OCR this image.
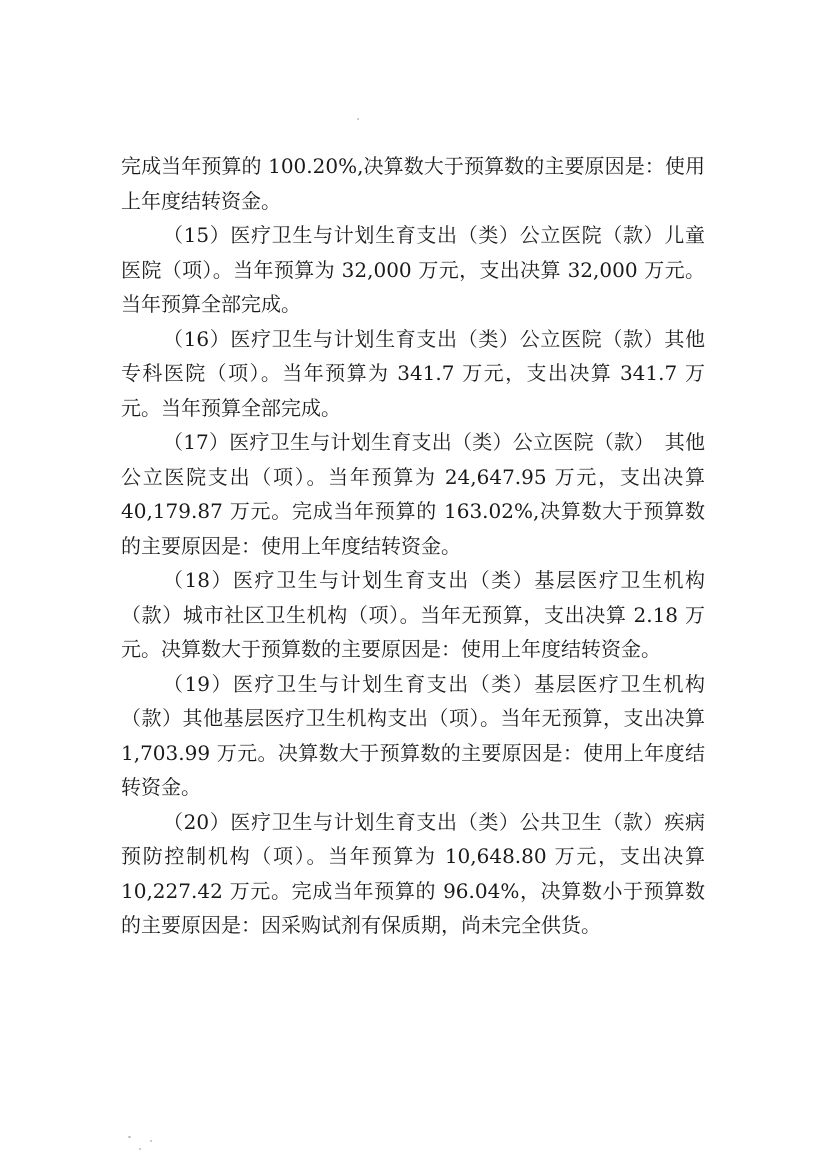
完成当年预算的 100.20%,决算数大于预算数的主要原因是：使用上年度结转资金。

（15）医疗卫生与计划生育支出（类）公立医院（款）儿童医院（项）。当年预算为 32,000 万元，支出决算 32,000 万元。当年预算全部完成。

（16）医疗卫生与计划生育支出（类）公立医院（款）其他专科医院（项）。当年预算为 341.7 万元，支出决算 341.7 万元。当年预算全部完成。

（17）医疗卫生与计划生育支出（类）公立医院（款）　其他公立医院支出（项）。当年预算为 24,647.95 万元，支出决算 40,179.87 万元。完成当年预算的 163.02%,决算数大于预算数的主要原因是：使用上年度结转资金。

（18）医疗卫生与计划生育支出（类）基层医疗卫生机构（款）城市社区卫生机构（项）。当年无预算，支出决算 2.18 万元。决算数大于预算数的主要原因是：使用上年度结转资金。

（19）医疗卫生与计划生育支出（类）基层医疗卫生机构（款）其他基层医疗卫生机构支出（项）。当年无预算，支出决算 1,703.99 万元。决算数大于预算数的主要原因是：使用上年度结转资金。

（20）医疗卫生与计划生育支出（类）公共卫生（款）疾病预防控制机构（项）。当年预算为 10,648.80 万元，支出决算 10,227.42 万元。完成当年预算的 96.04%，决算数小于预算数的主要原因是：因采购试剂有保质期，尚未完全供货。
